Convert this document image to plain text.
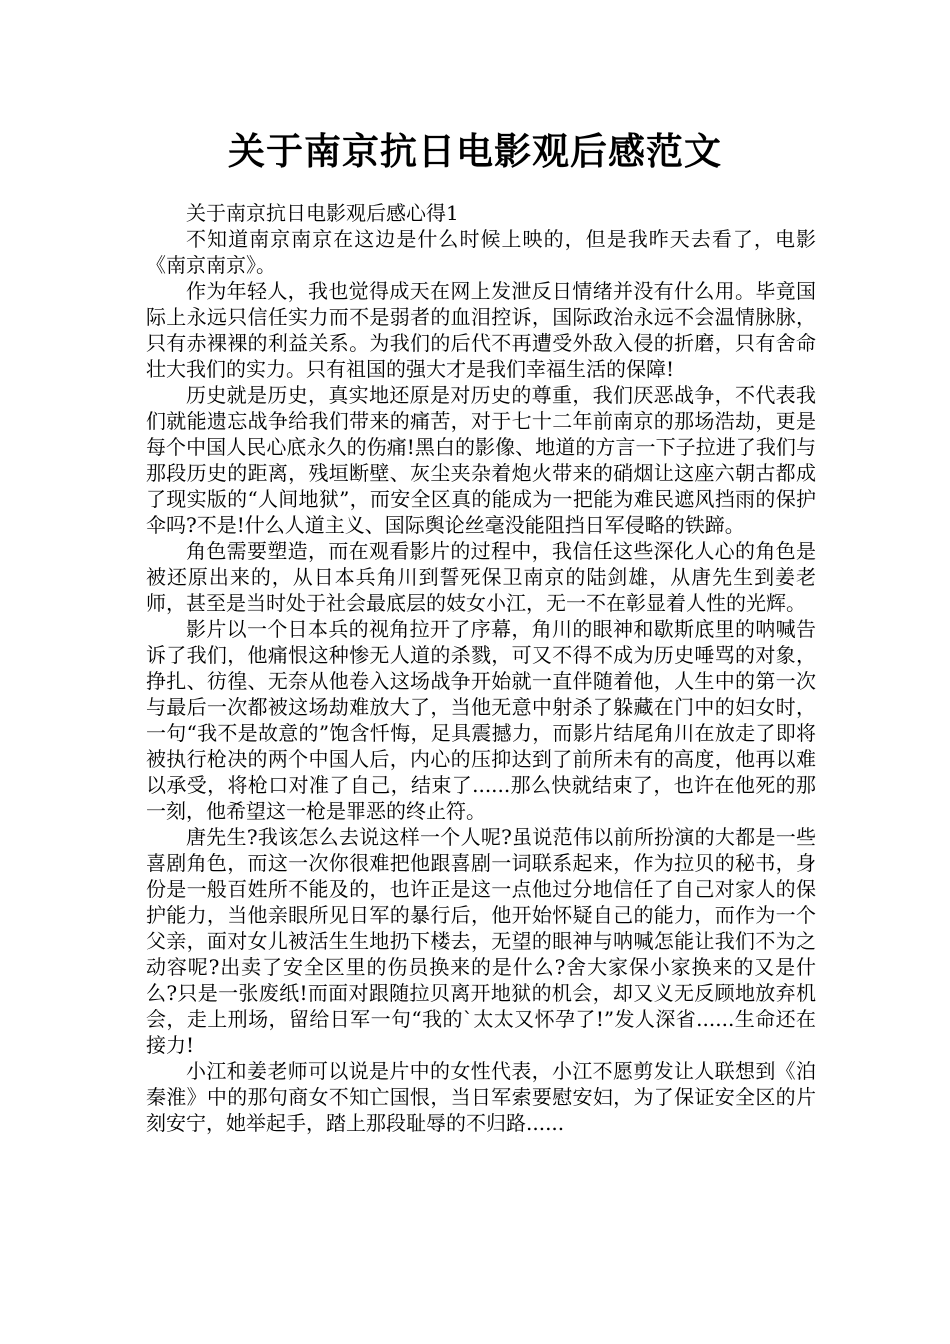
关于南京抗日电影观后感范文

关于南京抗日电影观后感心得1

不知道南京南京在这边是什么时候上映的，但是我昨天去看了，电影《南京南京》。

作为年轻人，我也觉得成天在网上发泄反日情绪并没有什么用。毕竟国际上永远只信任实力而不是弱者的血泪控诉，国际政治永远不会温情脉脉，只有赤裸裸的利益关系。为我们的后代不再遭受外敌入侵的折磨，只有舍命壮大我们的实力。只有祖国的强大才是我们幸福生活的保障!

历史就是历史，真实地还原是对历史的尊重，我们厌恶战争，不代表我们就能遗忘战争给我们带来的痛苦，对于七十二年前南京的那场浩劫，更是每个中国人民心底永久的伤痛!黑白的影像、地道的方言一下子拉进了我们与那段历史的距离，残垣断壁、灰尘夹杂着炮火带来的硝烟让这座六朝古都成了现实版的“人间地狱”，而安全区真的能成为一把能为难民遮风挡雨的保护伞吗?不是!什么人道主义、国际舆论丝毫没能阻挡日军侵略的铁蹄。

角色需要塑造，而在观看影片的过程中，我信任这些深化人心的角色是被还原出来的，从日本兵角川到誓死保卫南京的陆剑雄，从唐先生到姜老师，甚至是当时处于社会最底层的妓女小江，无一不在彰显着人性的光辉。

影片以一个日本兵的视角拉开了序幕，角川的眼神和歇斯底里的呐喊告诉了我们，他痛恨这种惨无人道的杀戮，可又不得不成为历史唾骂的对象，挣扎、彷徨、无奈从他卷入这场战争开始就一直伴随着他，人生中的第一次与最后一次都被这场劫难放大了，当他无意中射杀了躲藏在门中的妇女时，一句“我不是故意的”饱含忏悔，足具震撼力，而影片结尾角川在放走了即将被执行枪决的两个中国人后，内心的压抑达到了前所未有的高度，他再以难以承受，将枪口对准了自己，结束了......那么快就结束了，也许在他死的那一刻，他希望这一枪是罪恶的终止符。

唐先生?我该怎么去说这样一个人呢?虽说范伟以前所扮演的大都是一些喜剧角色，而这一次你很难把他跟喜剧一词联系起来，作为拉贝的秘书，身份是一般百姓所不能及的，也许正是这一点他过分地信任了自己对家人的保护能力，当他亲眼所见日军的暴行后，他开始怀疑自己的能力，而作为一个父亲，面对女儿被活生生地扔下楼去，无望的眼神与呐喊怎能让我们不为之动容呢?出卖了安全区里的伤员换来的是什么?舍大家保小家换来的又是什么?只是一张废纸!而面对跟随拉贝离开地狱的机会，却又义无反顾地放弃机会，走上刑场，留给日军一句“我的`太太又怀孕了!”发人深省......生命还在接力!

小江和姜老师可以说是片中的女性代表，小江不愿剪发让人联想到《泊秦淮》中的那句商女不知亡国恨，当日军索要慰安妇，为了保证安全区的片刻安宁，她举起手，踏上那段耻辱的不归路......
